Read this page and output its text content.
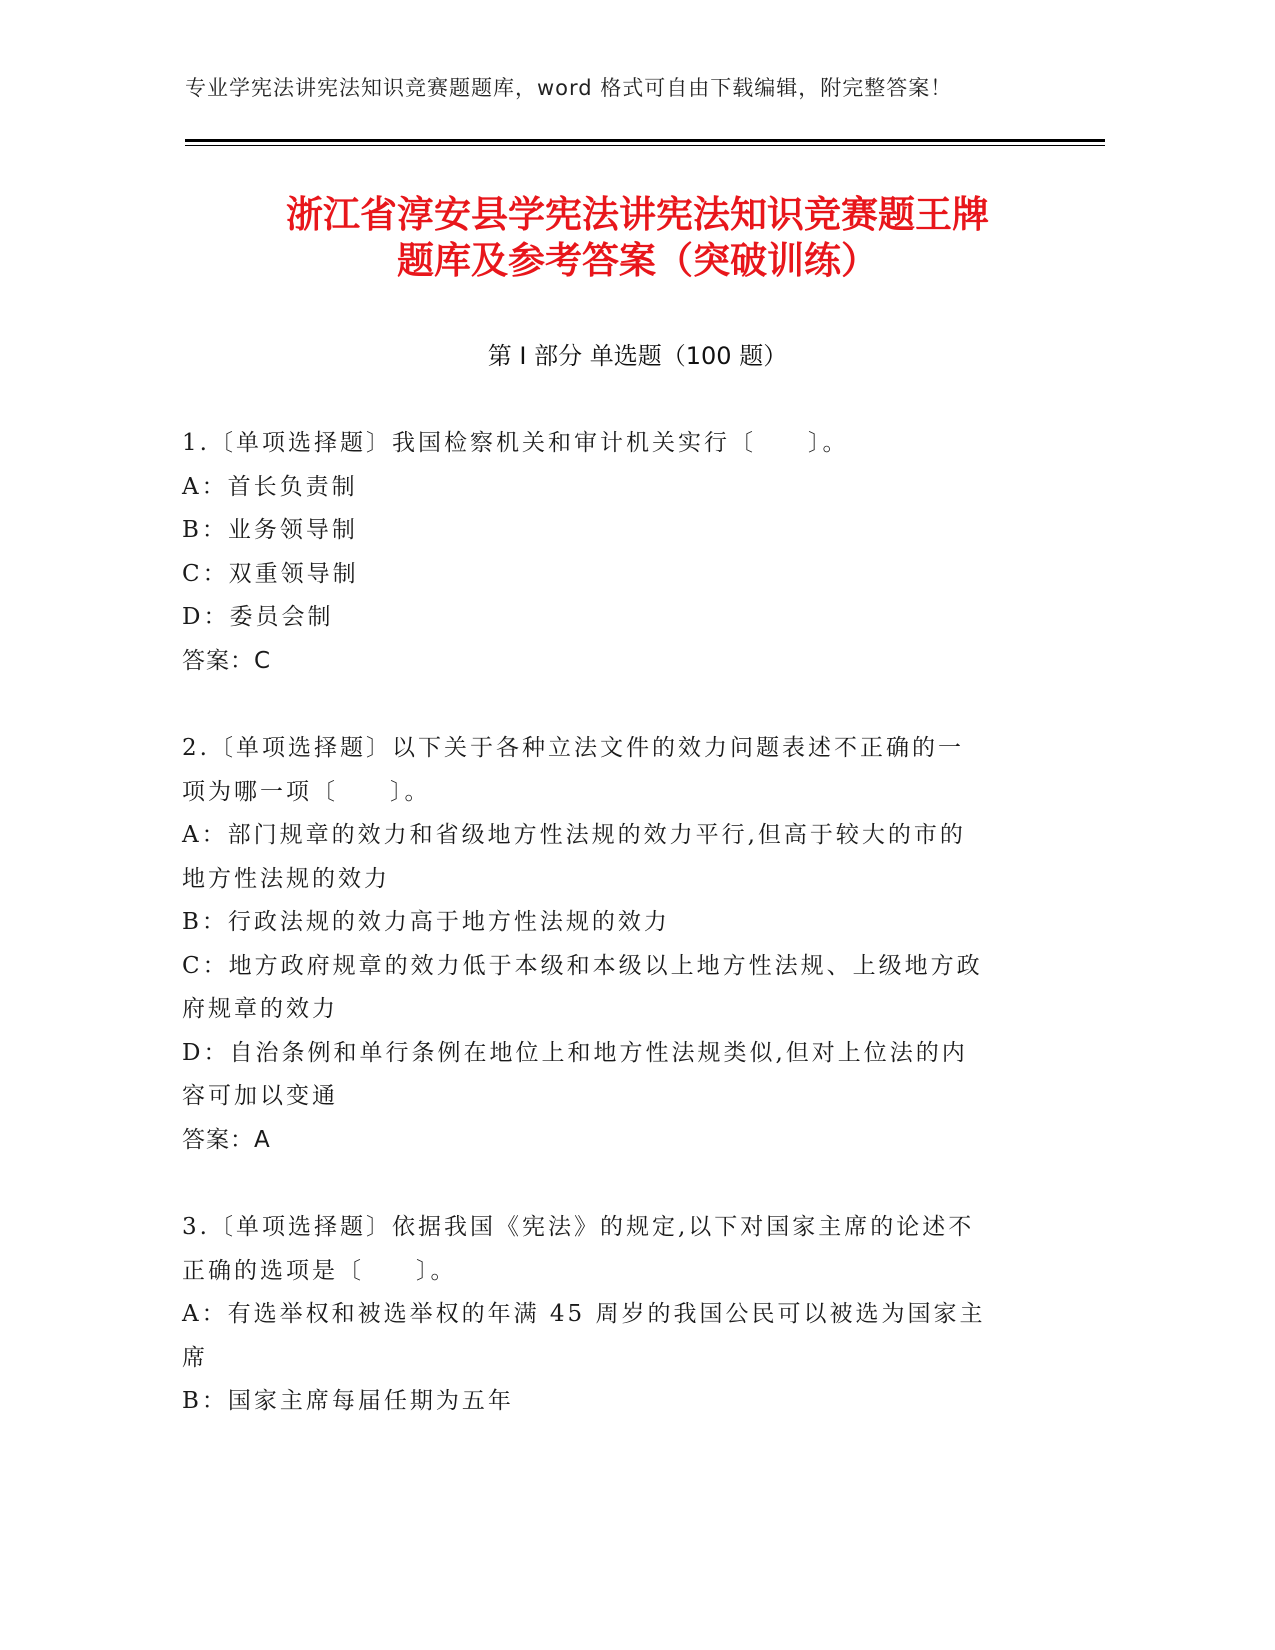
专业学宪法讲宪法知识竞赛题题库，word 格式可自由下载编辑，附完整答案！
浙江省淳安县学宪法讲宪法知识竞赛题王牌
题库及参考答案（突破训练）
第 I 部分 单选题（100 题）
1.〔单项选择题〕我国检察机关和审计机关实行〔　　〕。
A：首长负责制
B：业务领导制
C：双重领导制
D：委员会制
答案：C
2.〔单项选择题〕以下关于各种立法文件的效力问题表述不正确的一
项为哪一项〔　　〕。
A：部门规章的效力和省级地方性法规的效力平行,但高于较大的市的
地方性法规的效力
B：行政法规的效力高于地方性法规的效力
C：地方政府规章的效力低于本级和本级以上地方性法规、上级地方政
府规章的效力
D：自治条例和单行条例在地位上和地方性法规类似,但对上位法的内
容可加以变通
答案：A
3.〔单项选择题〕依据我国《宪法》的规定,以下对国家主席的论述不
正确的选项是〔　　〕。
A：有选举权和被选举权的年满 45 周岁的我国公民可以被选为国家主
席
B：国家主席每届任期为五年
